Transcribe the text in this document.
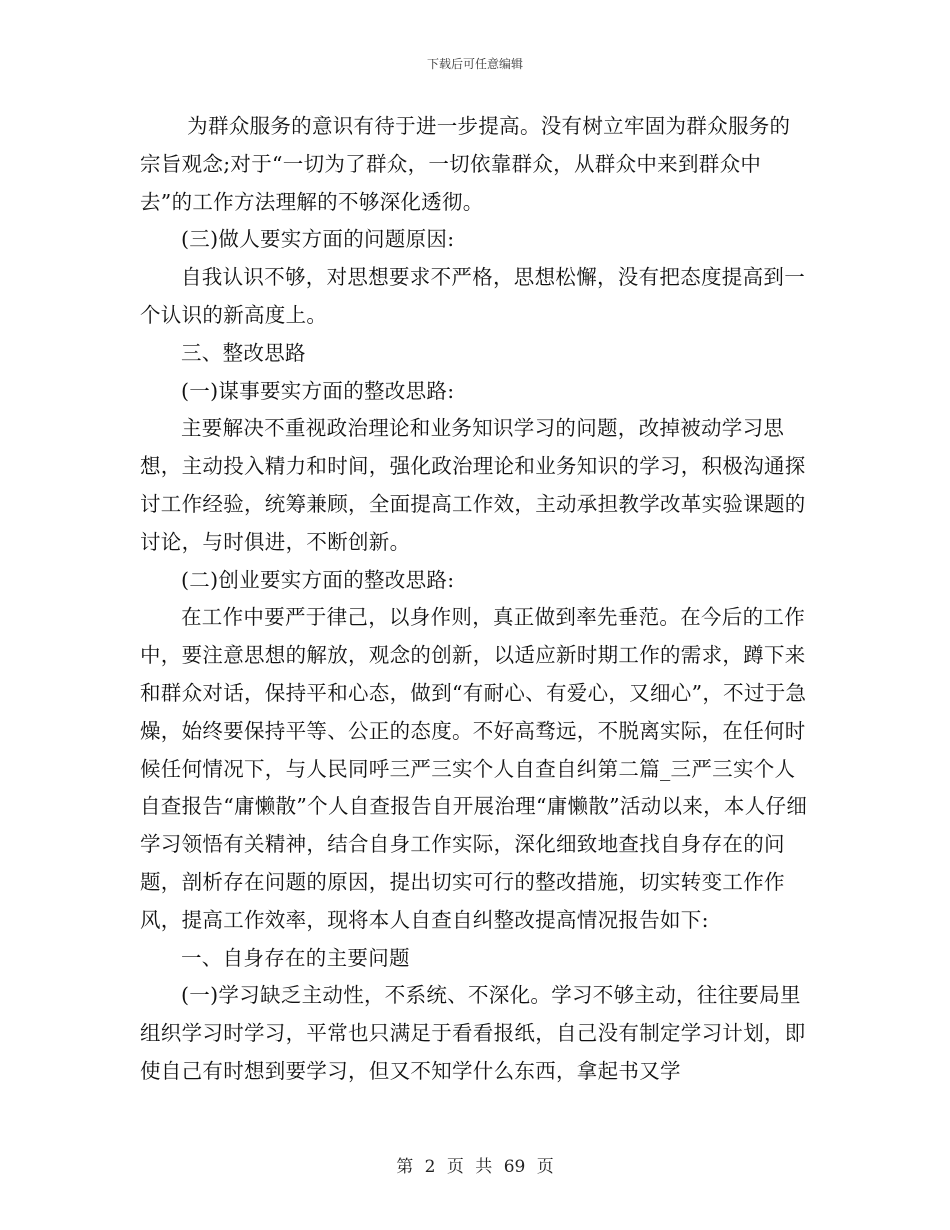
下载后可任意编辑

为群众服务的意识有待于进一步提高。没有树立牢固为群众服务的宗旨观念;对于“一切为了群众，一切依靠群众，从群众中来到群众中去”的工作方法理解的不够深化透彻。

(三)做人要实方面的问题原因:

自我认识不够，对思想要求不严格，思想松懈，没有把态度提高到一个认识的新高度上。

三、整改思路

(一)谋事要实方面的整改思路:

主要解决不重视政治理论和业务知识学习的问题，改掉被动学习思想，主动投入精力和时间，强化政治理论和业务知识的学习，积极沟通探讨工作经验，统筹兼顾，全面提高工作效，主动承担教学改革实验课题的讨论，与时俱进，不断创新。

(二)创业要实方面的整改思路:

在工作中要严于律己，以身作则，真正做到率先垂范。在今后的工作中，要注意思想的解放，观念的创新，以适应新时期工作的需求，蹲下来和群众对话，保持平和心态，做到“有耐心、有爱心，又细心”，不过于急燥，始终要保持平等、公正的态度。不好高骛远，不脱离实际，在任何时候任何情况下，与人民同呼三严三实个人自查自纠第二篇_三严三实个人自查报告“庸懒散”个人自查报告自开展治理“庸懒散”活动以来，本人仔细学习领悟有关精神，结合自身工作实际，深化细致地查找自身存在的问题，剖析存在问题的原因，提出切实可行的整改措施，切实转变工作作风，提高工作效率，现将本人自查自纠整改提高情况报告如下:

一、自身存在的主要问题

(一)学习缺乏主动性，不系统、不深化。学习不够主动，往往要局里组织学习时学习，平常也只满足于看看报纸，自己没有制定学习计划，即使自己有时想到要学习，但又不知学什么东西，拿起书又学

第 2 页 共 69 页
